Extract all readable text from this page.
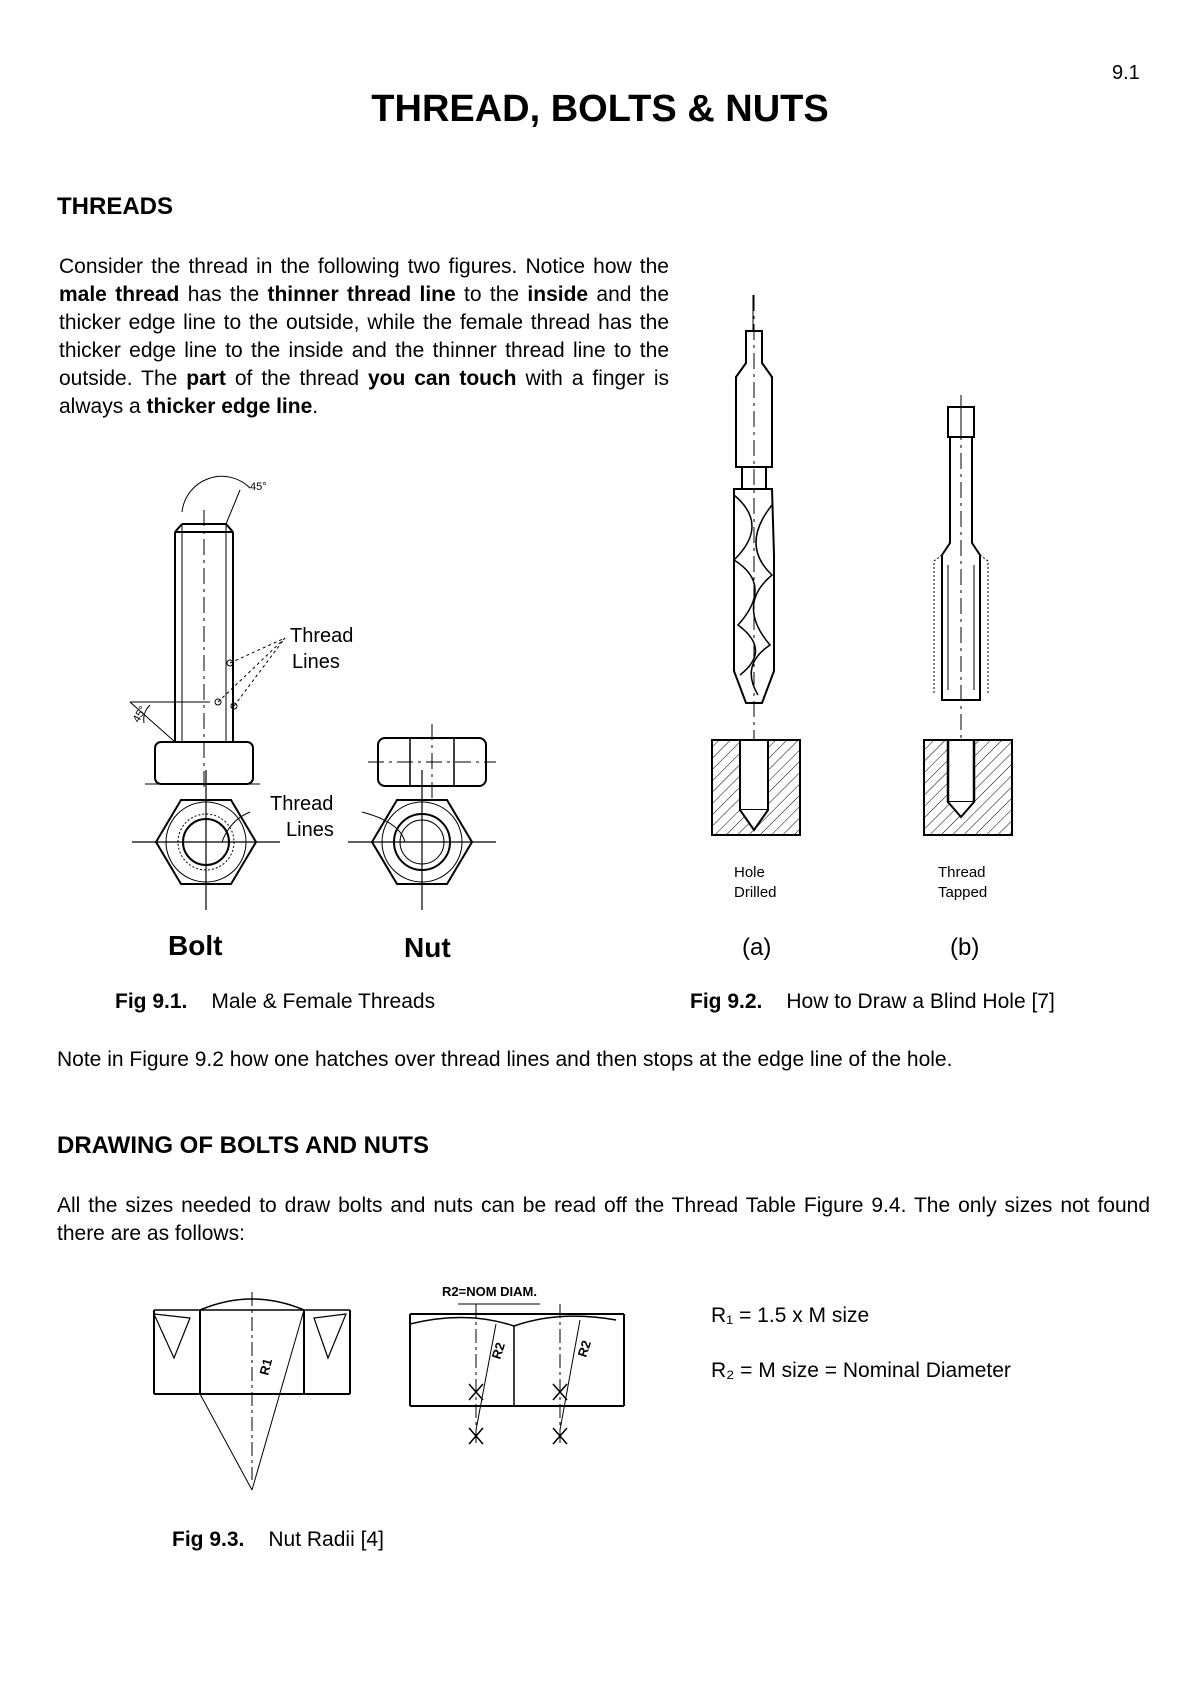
9.1
THREAD, BOLTS & NUTS
THREADS
Consider the thread in the following two figures. Notice how the male thread has the thinner thread line to the inside and the thicker edge line to the outside, while the female thread has the thicker edge line to the inside and the thinner thread line to the outside. The part of the thread you can touch with a finger is always a thicker edge line.
45°
45°
Thread
Lines
Thread
Lines
Bolt	Nut
Hole
Drilled
Thread
Tapped
(a)	(b)
Fig 9.1. Male & Female Threads	Fig 9.2. How to Draw a Blind Hole [7]
Note in Figure 9.2 how one hatches over thread lines and then stops at the edge line of the hole.
DRAWING OF BOLTS AND NUTS
All the sizes needed to draw bolts and nuts can be read off the Thread Table Figure 9.4. The only sizes not found there are as follows:
R1
R2	R2
R2=NOM DIAM.
R₁ = 1.5 x M size
R₂ = M size = Nominal Diameter
Fig 9.3. Nut Radii [4]
